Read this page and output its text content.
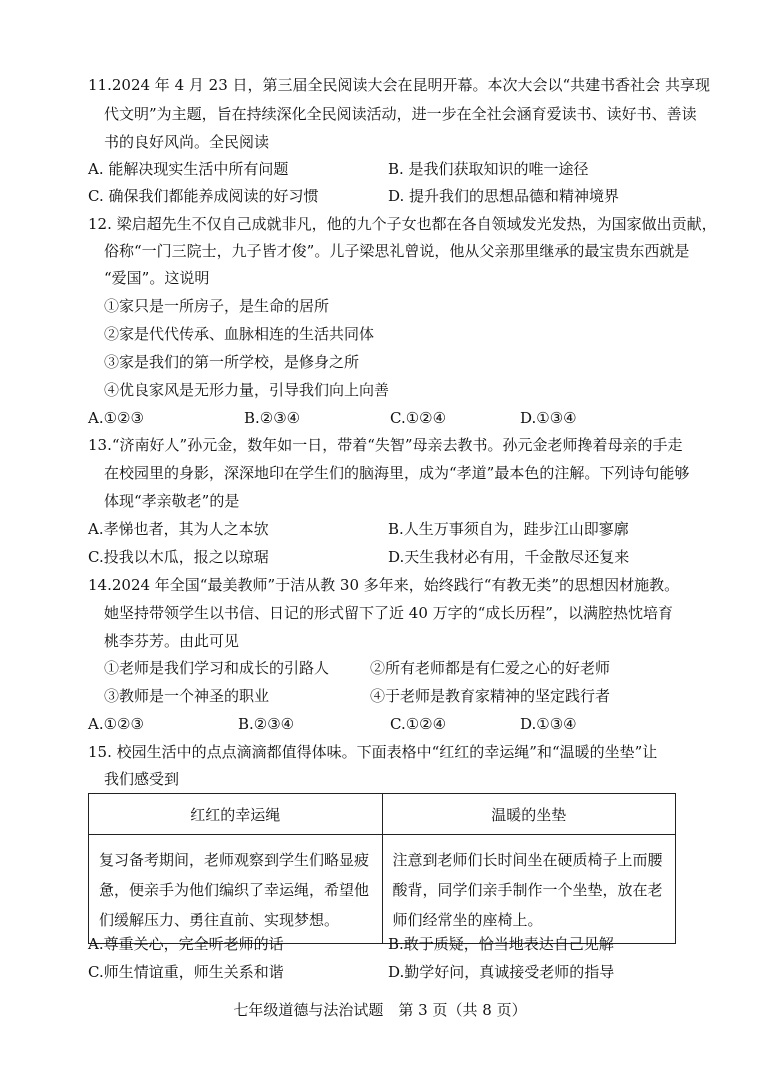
11.2024 年 4 月 23 日，第三届全民阅读大会在昆明开幕。本次大会以“共建书香社会 共享现
代文明”为主题，旨在持续深化全民阅读活动，进一步在全社会涵育爱读书、读好书、善读
书的良好风尚。全民阅读
A. 能解决现实生活中所有问题	B. 是我们获取知识的唯一途径
C. 确保我们都能养成阅读的好习惯	D. 提升我们的思想品德和精神境界
12. 梁启超先生不仅自己成就非凡，他的九个子女也都在各自领域发光发热，为国家做出贡献，
俗称“一门三院士，九子皆才俊”。儿子梁思礼曾说，他从父亲那里继承的最宝贵东西就是
“爱国”。这说明
①家只是一所房子，是生命的居所
②家是代代传承、血脉相连的生活共同体
③家是我们的第一所学校，是修身之所
④优良家风是无形力量，引导我们向上向善
A.①②③	B.②③④	C.①②④	D.①③④
13.“济南好人”孙元金，数年如一日，带着“失智”母亲去教书。孙元金老师搀着母亲的手走
在校园里的身影，深深地印在学生们的脑海里，成为“孝道”最本色的注解。下列诗句能够
体现“孝亲敬老”的是
A.孝悌也者，其为人之本欤	B.人生万事须自为，跬步江山即寥廓
C.投我以木瓜，报之以琼琚	D.天生我材必有用，千金散尽还复来
14.2024 年全国“最美教师”于洁从教 30 多年来，始终践行“有教无类”的思想因材施教。
她坚持带领学生以书信、日记的形式留下了近 40 万字的“成长历程”，以满腔热忱培育
桃李芬芳。由此可见
①老师是我们学习和成长的引路人	②所有老师都是有仁爱之心的好老师
③教师是一个神圣的职业	④于老师是教育家精神的坚定践行者
A.①②③	B.②③④	C.①②④	D.①③④
15. 校园生活中的点点滴滴都值得体味。下面表格中“红红的幸运绳”和“温暖的坐垫”让
我们感受到
红红的幸运绳	温暖的坐垫
复习备考期间，老师观察到学生们略显疲惫，便亲手为他们编织了幸运绳，希望他们缓解压力、勇往直前、实现梦想。	注意到老师们长时间坐在硬质椅子上而腰酸背，同学们亲手制作一个坐垫，放在老师们经常坐的座椅上。
A.尊重关心，完全听老师的话	B.敢于质疑，恰当地表达自己见解
C.师生情谊重，师生关系和谐	D.勤学好问，真诚接受老师的指导
七年级道德与法治试题　第 3 页（共 8 页）
